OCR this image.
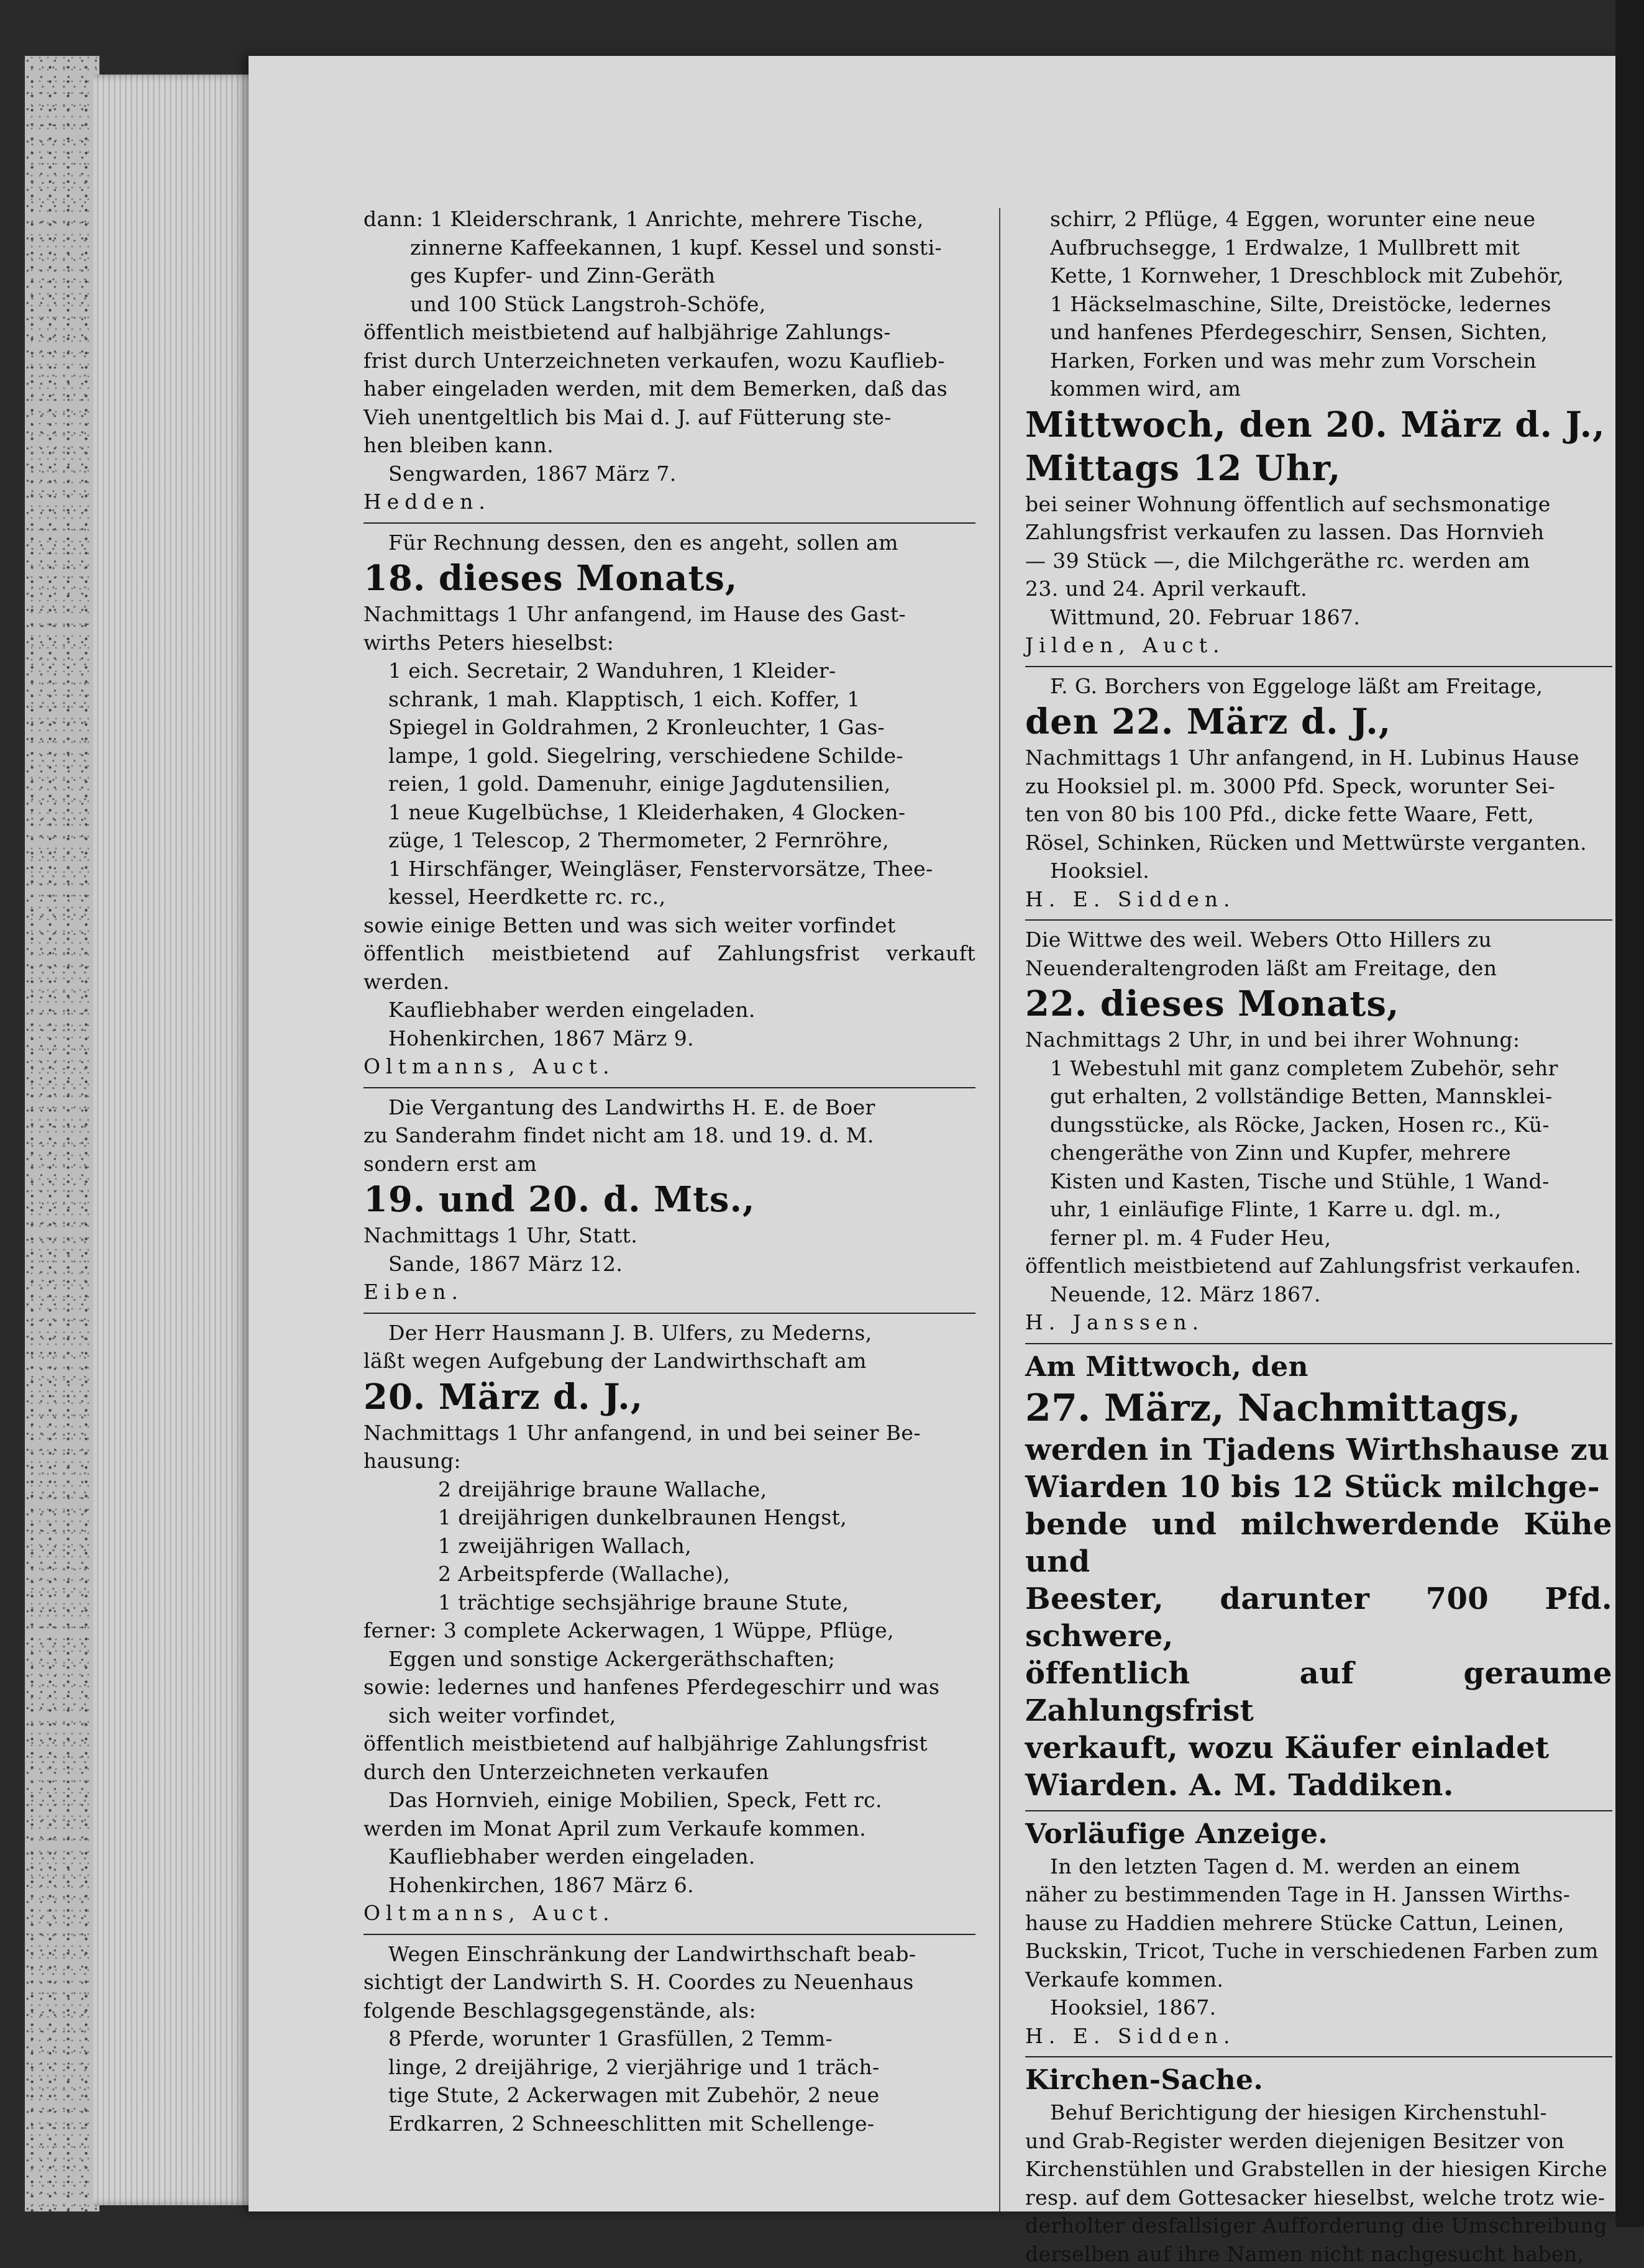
dann: 1 Kleiderschrank, 1 Anrichte, mehrere Tische,

zinnerne Kaffeekannen, 1 kupf. Kessel und sonsti-

ges Kupfer- und Zinn-Geräth

und 100 Stück Langstroh-Schöfe,

öffentlich meistbietend auf halbjährige Zahlungs-

frist durch Unterzeichneten verkaufen, wozu Kauflieb-

haber eingeladen werden, mit dem Bemerken, daß das

Vieh unentgeltlich bis Mai d. J. auf Fütterung ste-

hen bleiben kann.

Sengwarden, 1867 März 7.

Hedden.

Für Rechnung dessen, den es angeht, sollen am

18. dieses Monats,

Nachmittags 1 Uhr anfangend, im Hause des Gast-

wirths Peters hieselbst:

1 eich. Secretair, 2 Wanduhren, 1 Kleider-

schrank, 1 mah. Klapptisch, 1 eich. Koffer, 1

Spiegel in Goldrahmen, 2 Kronleuchter, 1 Gas-

lampe, 1 gold. Siegelring, verschiedene Schilde-

reien, 1 gold. Damenuhr, einige Jagdutensilien,

1 neue Kugelbüchse, 1 Kleiderhaken, 4 Glocken-

züge, 1 Telescop, 2 Thermometer, 2 Fernröhre,

1 Hirschfänger, Weingläser, Fenstervorsätze, Thee-

kessel, Heerdkette rc. rc.,

sowie einige Betten und was sich weiter vorfindet

öffentlich meistbietend auf Zahlungsfrist verkauft werden.

Kaufliebhaber werden eingeladen.

Hohenkirchen, 1867 März 9.

Oltmanns, Auct.

Die Vergantung des Landwirths H. E. de Boer

zu Sanderahm findet nicht am 18. und 19. d. M.

sondern erst am

19. und 20. d. Mts.,

Nachmittags 1 Uhr, Statt.

Sande, 1867 März 12.

Eiben.

Der Herr Hausmann J. B. Ulfers, zu Mederns,

läßt wegen Aufgebung der Landwirthschaft am

20. März d. J.,

Nachmittags 1 Uhr anfangend, in und bei seiner Be-

hausung:

2 dreijährige braune Wallache,

1 dreijährigen dunkelbraunen Hengst,

1 zweijährigen Wallach,

2 Arbeitspferde (Wallache),

1 trächtige sechsjährige braune Stute,

ferner: 3 complete Ackerwagen, 1 Wüppe, Pflüge,

Eggen und sonstige Ackergeräthschaften;

sowie: ledernes und hanfenes Pferdegeschirr und was

sich weiter vorfindet,

öffentlich meistbietend auf halbjährige Zahlungsfrist

durch den Unterzeichneten verkaufen

Das Hornvieh, einige Mobilien, Speck, Fett rc.

werden im Monat April zum Verkaufe kommen.

Kaufliebhaber werden eingeladen.

Hohenkirchen, 1867 März 6.

Oltmanns, Auct.

Wegen Einschränkung der Landwirthschaft beab-

sichtigt der Landwirth S. H. Coordes zu Neuenhaus

folgende Beschlagsgegenstände, als:

8 Pferde, worunter 1 Grasfüllen, 2 Temm-

linge, 2 dreijährige, 2 vierjährige und 1 träch-

tige Stute, 2 Ackerwagen mit Zubehör, 2 neue

Erdkarren, 2 Schneeschlitten mit Schellenge-

schirr, 2 Pflüge, 4 Eggen, worunter eine neue

Aufbruchsegge, 1 Erdwalze, 1 Mullbrett mit

Kette, 1 Kornweher, 1 Dreschblock mit Zubehör,

1 Häckselmaschine, Silte, Dreistöcke, ledernes

und hanfenes Pferdegeschirr, Sensen, Sichten,

Harken, Forken und was mehr zum Vorschein

kommen wird, am

Mittwoch, den 20. März d. J.,

Mittags 12 Uhr,

bei seiner Wohnung öffentlich auf sechsmonatige

Zahlungsfrist verkaufen zu lassen. Das Hornvieh

— 39 Stück —, die Milchgeräthe rc. werden am

23. und 24. April verkauft.

Wittmund, 20. Februar 1867.

Jilden, Auct.

F. G. Borchers von Eggeloge läßt am Freitage,

den 22. März d. J.,

Nachmittags 1 Uhr anfangend, in H. Lubinus Hause

zu Hooksiel pl. m. 3000 Pfd. Speck, worunter Sei-

ten von 80 bis 100 Pfd., dicke fette Waare, Fett,

Rösel, Schinken, Rücken und Mettwürste vergantеn.

Hooksiel.

H. E. Sidden.

Die Wittwe des weil. Webers Otto Hillers zu

Neuenderaltengroden läßt am Freitage, den

22. dieses Monats,

Nachmittags 2 Uhr, in und bei ihrer Wohnung:

1 Webestuhl mit ganz completem Zubehör, sehr

gut erhalten, 2 vollständige Betten, Mannsklei-

dungsstücke, als Röcke, Jacken, Hosen rc., Kü-

chengeräthe von Zinn und Kupfer, mehrere

Kisten und Kasten, Tische und Stühle, 1 Wand-

uhr, 1 einläufige Flinte, 1 Karre u. dgl. m.,

ferner pl. m. 4 Fuder Heu,

öffentlich meistbietend auf Zahlungsfrist verkaufen.

Neuende, 12. März 1867.

H. Janssen.

Am Mittwoch, den

27. März, Nachmittags,

werden in Tjadens Wirthshause zu

Wiarden 10 bis 12 Stück milchge-

bende und milchwerdende Kühe und

Beester, darunter 700 Pfd. schwere,

öffentlich auf geraume Zahlungsfrist

verkauft, wozu Käufer einladet

Wiarden. A. M. Taddiken.

Vorläufige Anzeige.

In den letzten Tagen d. M. werden an einem

näher zu bestimmenden Tage in H. Janssen Wirths-

hause zu Haddien mehrere Stücke Cattun, Leinen,

Buckskin, Tricot, Tuche in verschiedenen Farben zum

Verkaufe kommen.

Hooksiel, 1867.

H. E. Sidden.

Kirchen-Sache.

Behuf Berichtigung der hiesigen Kirchenstuhl-

und Grab-Register werden diejenigen Besitzer von

Kirchenstühlen und Grabstellen in der hiesigen Kirche

resp. auf dem Gottesacker hieselbst, welche trotz wie-

derholter desfallsiger Aufforderung die Umschreibung

derselben auf ihre Namen nicht nachgesucht haben,
